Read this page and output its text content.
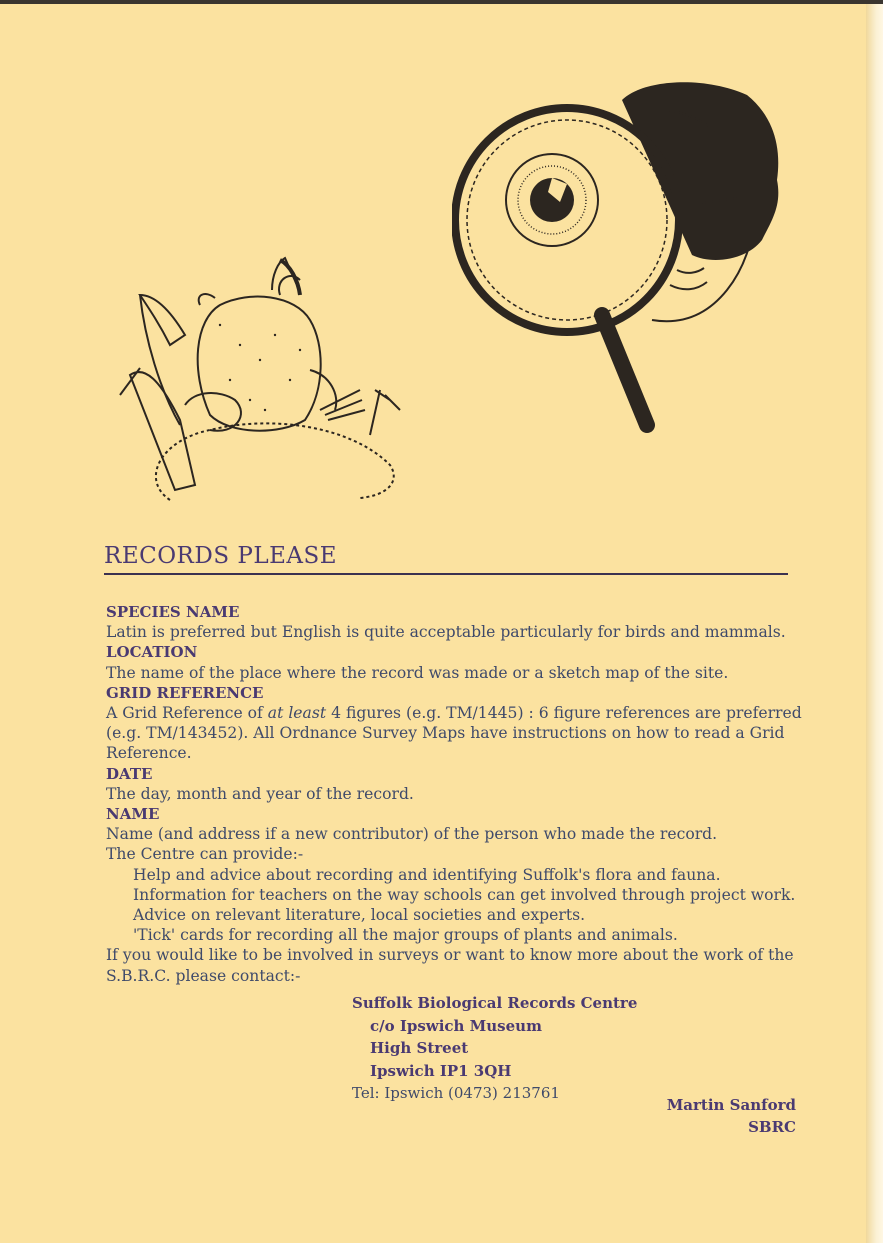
RECORDS PLEASE
SPECIES NAME
Latin is preferred but English is quite acceptable particularly for birds and mammals.
LOCATION
The name of the place where the record was made or a sketch map of the site.
GRID REFERENCE
A Grid Reference of at least 4 figures (e.g. TM/1445) : 6 figure references are preferred (e.g. TM/143452). All Ordnance Survey Maps have instructions on how to read a Grid Reference.
DATE
The day, month and year of the record.
NAME
Name (and address if a new contributor) of the person who made the record.
The Centre can provide:-
Help and advice about recording and identifying Suffolk's flora and fauna.
Information for teachers on the way schools can get involved through project work.
Advice on relevant literature, local societies and experts.
'Tick' cards for recording all the major groups of plants and animals.
If you would like to be involved in surveys or want to know more about the work of the S.B.R.C. please contact:-
Suffolk Biological Records Centre
c/o Ipswich Museum
High Street
Ipswich IP1 3QH
Tel: Ipswich (0473) 213761
Martin Sanford
SBRC
